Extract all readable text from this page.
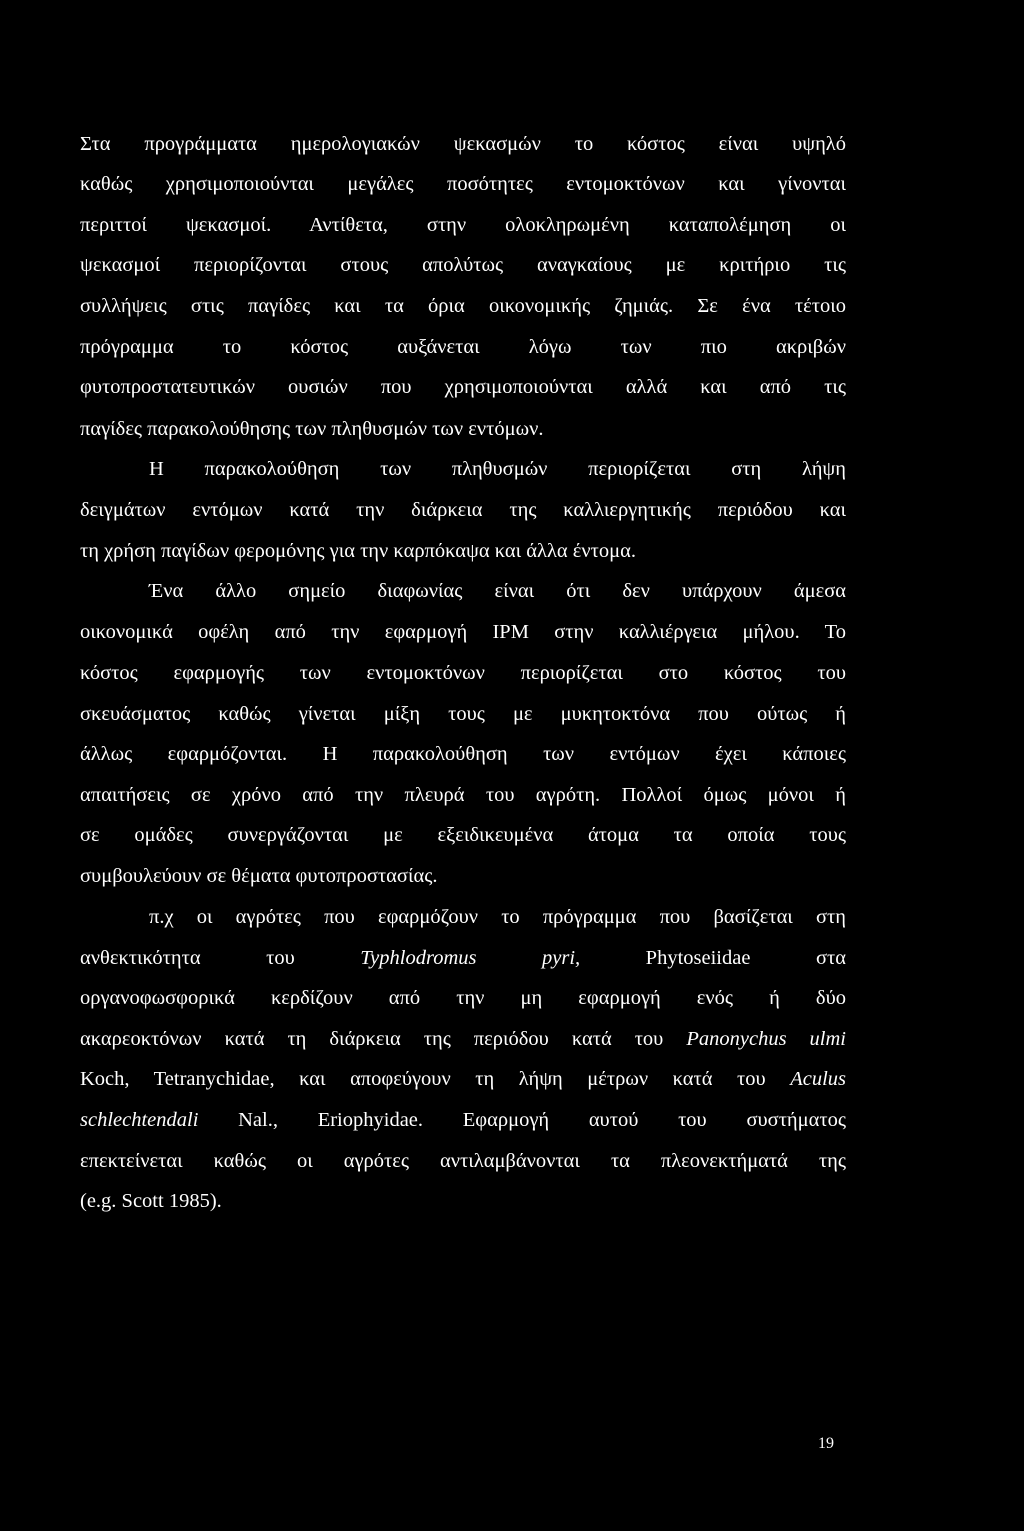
Στα προγράμματα ημερολογιακών ψεκασμών το κόστος είναι υψηλό
καθώς χρησιμοποιούνται μεγάλες ποσότητες εντομοκτόνων και γίνονται
περιττοί ψεκασμοί. Αντίθετα, στην ολοκληρωμένη καταπολέμηση οι
ψεκασμοί περιορίζονται στους απολύτως αναγκαίους με κριτήριο τις
συλλήψεις στις παγίδες και τα όρια οικονομικής ζημιάς. Σε ένα τέτοιο
πρόγραμμα το κόστος αυξάνεται λόγω των πιο ακριβών
φυτοπροστατευτικών ουσιών που χρησιμοποιούνται αλλά και από τις
παγίδες παρακολούθησης των πληθυσμών των εντόμων.
Η παρακολούθηση των πληθυσμών περιορίζεται στη λήψη
δειγμάτων εντόμων κατά την διάρκεια της καλλιεργητικής περιόδου και
τη χρήση παγίδων φερομόνης για την καρπόκαψα και άλλα έντομα.
Ένα άλλο σημείο διαφωνίας είναι ότι δεν υπάρχουν άμεσα
οικονομικά οφέλη από την εφαρμογή IPM στην καλλιέργεια μήλου. Το
κόστος εφαρμογής των εντομοκτόνων περιορίζεται στο κόστος του
σκευάσματος καθώς γίνεται μίξη τους με μυκητοκτόνα που ούτως ή
άλλως εφαρμόζονται. Η παρακολούθηση των εντόμων έχει κάποιες
απαιτήσεις σε χρόνο από την πλευρά του αγρότη. Πολλοί όμως μόνοι ή
σε ομάδες συνεργάζονται με εξειδικευμένα άτομα τα οποία τους
συμβουλεύουν σε θέματα φυτοπροστασίας.
π.χ οι αγρότες που εφαρμόζουν το πρόγραμμα που βασίζεται στη
ανθεκτικότητα του Typhlodromus pyri, Phytoseiidae στα
οργανοφωσφορικά κερδίζουν από την μη εφαρμογή ενός ή δύο
ακαρεοκτόνων κατά τη διάρκεια της περιόδου κατά του Panonychus ulmi
Koch, Tetranychidae, και αποφεύγουν τη λήψη μέτρων κατά του Aculus
schlechtendali Nal., Eriophyidae. Εφαρμογή αυτού του συστήματος
επεκτείνεται καθώς οι αγρότες αντιλαμβάνονται τα πλεονεκτήματά της
(e.g. Scott 1985).
19
